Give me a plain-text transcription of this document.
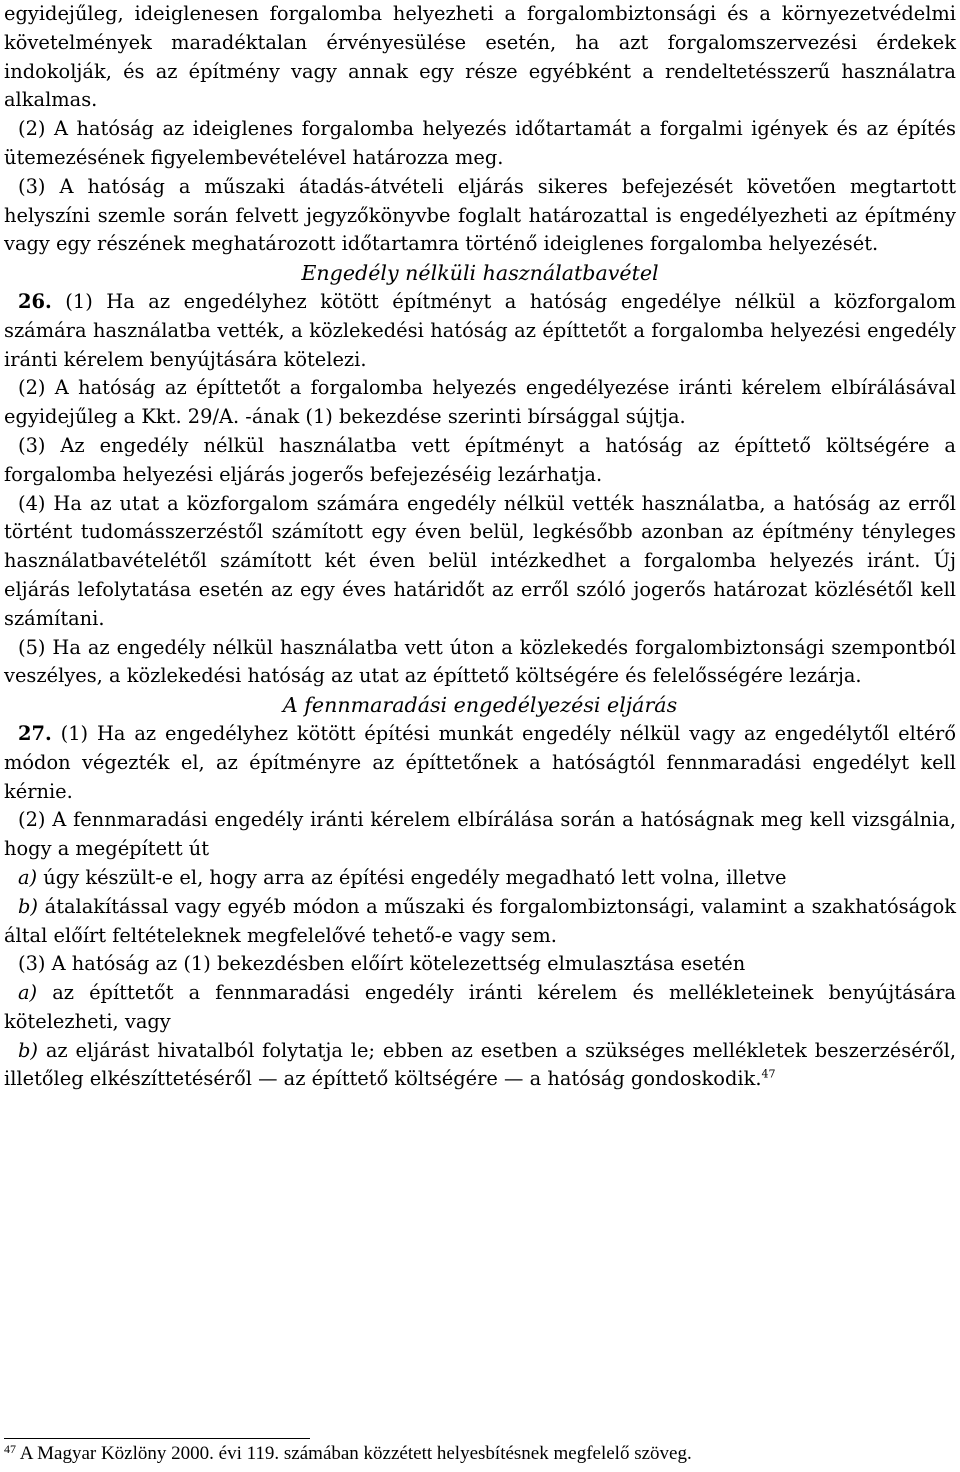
egyidejűleg, ideiglenesen forgalomba helyezheti a forgalombiztonsági és a környezetvédelmi követelmények maradéktalan érvényesülése esetén, ha azt forgalomszervezési érdekek indokolják, és az építmény vagy annak egy része egyébként a rendeltetésszerű használatra alkalmas.

(2) A hatóság az ideiglenes forgalomba helyezés időtartamát a forgalmi igények és az építés ütemezésének figyelembevételével határozza meg.

(3) A hatóság a műszaki átadás-átvételi eljárás sikeres befejezését követően megtartott helyszíni szemle során felvett jegyzőkönyvbe foglalt határozattal is engedélyezheti az építmény vagy egy részének meghatározott időtartamra történő ideiglenes forgalomba helyezését.

Engedély nélküli használatbavétel

26. (1) Ha az engedélyhez kötött építményt a hatóság engedélye nélkül a közforgalom számára használatba vették, a közlekedési hatóság az építtetőt a forgalomba helyezési engedély iránti kérelem benyújtására kötelezi.

(2) A hatóság az építtetőt a forgalomba helyezés engedélyezése iránti kérelem elbírálásával egyidejűleg a Kkt. 29/A. -ának (1) bekezdése szerinti bírsággal sújtja.

(3) Az engedély nélkül használatba vett építményt a hatóság az építtető költségére a forgalomba helyezési eljárás jogerős befejezéséig lezárhatja.

(4) Ha az utat a közforgalom számára engedély nélkül vették használatba, a hatóság az erről történt tudomásszerzéstől számított egy éven belül, legkésőbb azonban az építmény tényleges használatbavételétől számított két éven belül intézkedhet a forgalomba helyezés iránt. Új eljárás lefolytatása esetén az egy éves határidőt az erről szóló jogerős határozat közlésétől kell számítani.

(5) Ha az engedély nélkül használatba vett úton a közlekedés forgalombiztonsági szempontból veszélyes, a közlekedési hatóság az utat az építtető költségére és felelősségére lezárja.

A fennmaradási engedélyezési eljárás

27. (1) Ha az engedélyhez kötött építési munkát engedély nélkül vagy az engedélytől eltérő módon végezték el, az építményre az építtetőnek a hatóságtól fennmaradási engedélyt kell kérnie.

(2) A fennmaradási engedély iránti kérelem elbírálása során a hatóságnak meg kell vizsgálnia, hogy a megépített út

a) úgy készült-e el, hogy arra az építési engedély megadható lett volna, illetve

b) átalakítással vagy egyéb módon a műszaki és forgalombiztonsági, valamint a szakhatóságok által előírt feltételeknek megfelelővé tehető-e vagy sem.

(3) A hatóság az (1) bekezdésben előírt kötelezettség elmulasztása esetén

a) az építtetőt a fennmaradási engedély iránti kérelem és mellékleteinek benyújtására kötelezheti, vagy

b) az eljárást hivatalból folytatja le; ebben az esetben a szükséges mellékletek beszerzéséről, illetőleg elkészíttetéséről — az építtető költségére — a hatóság gondoskodik.$^{47}$

$^{47}$ A Magyar Közlöny 2000. évi 119. számában közzétett helyesbítésnek megfelelő szöveg.
